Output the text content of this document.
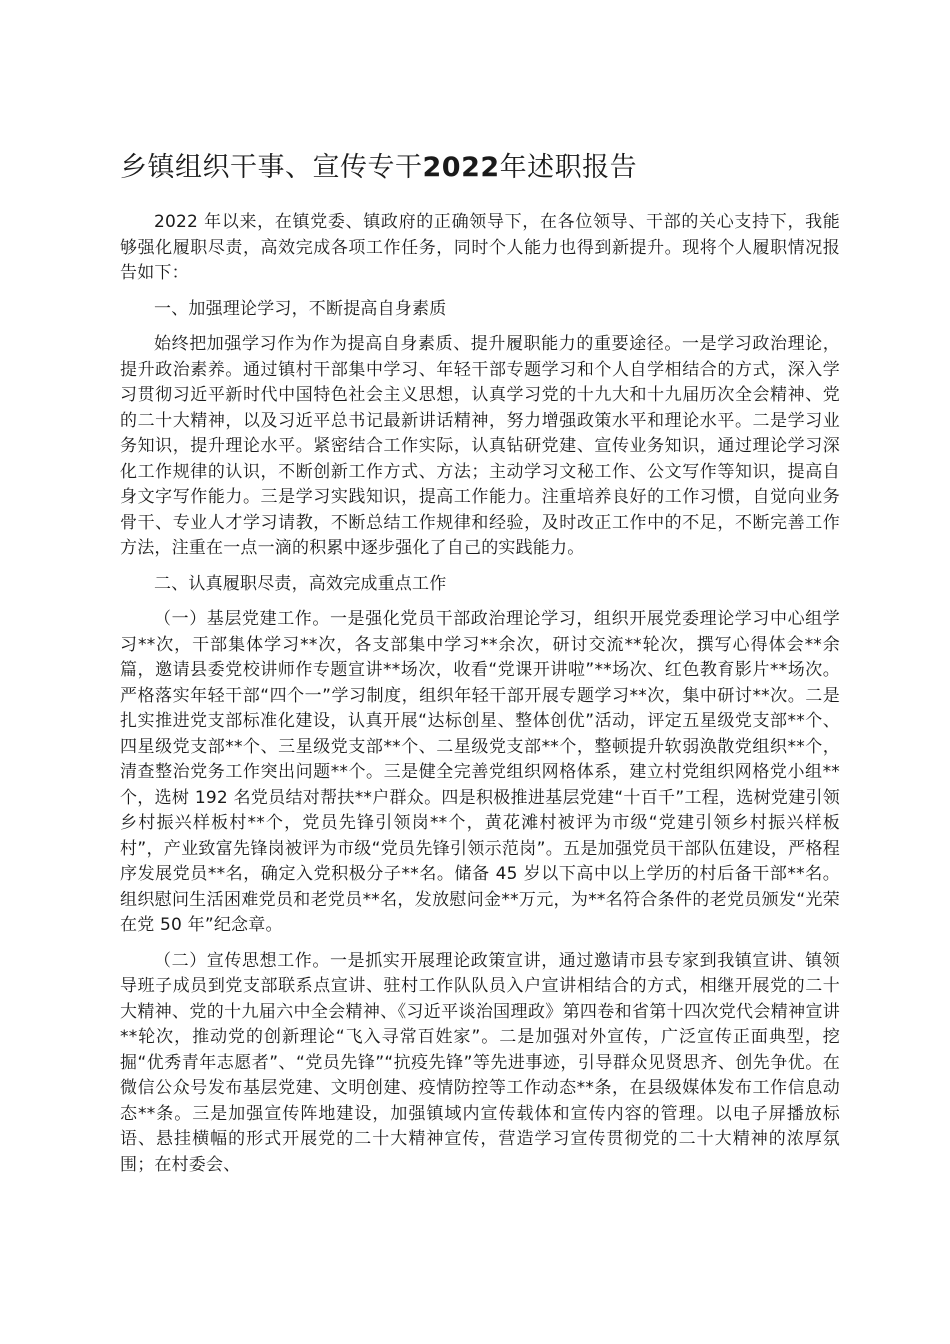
乡镇组织干事、宣传专干2022年述职报告

2022 年以来，在镇党委、镇政府的正确领导下，在各位领导、干部的关心支持下，我能够强化履职尽责，高效完成各项工作任务，同时个人能力也得到新提升。现将个人履职情况报告如下：

一、加强理论学习，不断提高自身素质

始终把加强学习作为作为提高自身素质、提升履职能力的重要途径。一是学习政治理论，提升政治素养。通过镇村干部集中学习、年轻干部专题学习和个人自学相结合的方式，深入学习贯彻习近平新时代中国特色社会主义思想，认真学习党的十九大和十九届历次全会精神、党的二十大精神，以及习近平总书记最新讲话精神，努力增强政策水平和理论水平。二是学习业务知识，提升理论水平。紧密结合工作实际，认真钻研党建、宣传业务知识，通过理论学习深化工作规律的认识，不断创新工作方式、方法；主动学习文秘工作、公文写作等知识，提高自身文字写作能力。三是学习实践知识，提高工作能力。注重培养良好的工作习惯，自觉向业务骨干、专业人才学习请教，不断总结工作规律和经验，及时改正工作中的不足，不断完善工作方法，注重在一点一滴的积累中逐步强化了自己的实践能力。

二、认真履职尽责，高效完成重点工作

（一）基层党建工作。一是强化党员干部政治理论学习，组织开展党委理论学习中心组学习**次，干部集体学习**次，各支部集中学习**余次，研讨交流**轮次，撰写心得体会**余篇，邀请县委党校讲师作专题宣讲**场次，收看“党课开讲啦”**场次、红色教育影片**场次。严格落实年轻干部“四个一”学习制度，组织年轻干部开展专题学习**次，集中研讨**次。二是扎实推进党支部标准化建设，认真开展“达标创星、整体创优”活动，评定五星级党支部**个、四星级党支部**个、三星级党支部**个、二星级党支部**个，整顿提升软弱涣散党组织**个，清查整治党务工作突出问题**个。三是健全完善党组织网格体系，建立村党组织网格党小组**个，选树 192 名党员结对帮扶**户群众。四是积极推进基层党建“十百千”工程，选树党建引领乡村振兴样板村**个，党员先锋引领岗**个，黄花滩村被评为市级“党建引领乡村振兴样板村”，产业致富先锋岗被评为市级“党员先锋引领示范岗”。五是加强党员干部队伍建设，严格程序发展党员**名，确定入党积极分子**名。储备 45 岁以下高中以上学历的村后备干部**名。组织慰问生活困难党员和老党员**名，发放慰问金**万元，为**名符合条件的老党员颁发“光荣在党 50 年”纪念章。

（二）宣传思想工作。一是抓实开展理论政策宣讲，通过邀请市县专家到我镇宣讲、镇领导班子成员到党支部联系点宣讲、驻村工作队队员入户宣讲相结合的方式，相继开展党的二十大精神、党的十九届六中全会精神、《习近平谈治国理政》第四卷和省第十四次党代会精神宣讲**轮次，推动党的创新理论“飞入寻常百姓家”。二是加强对外宣传，广泛宣传正面典型，挖掘“优秀青年志愿者”、“党员先锋”“抗疫先锋”等先进事迹，引导群众见贤思齐、创先争优。在微信公众号发布基层党建、文明创建、疫情防控等工作动态**条，在县级媒体发布工作信息动态**条。三是加强宣传阵地建设，加强镇域内宣传载体和宣传内容的管理。以电子屏播放标语、悬挂横幅的形式开展党的二十大精神宣传，营造学习宣传贯彻党的二十大精神的浓厚氛围；在村委会、
